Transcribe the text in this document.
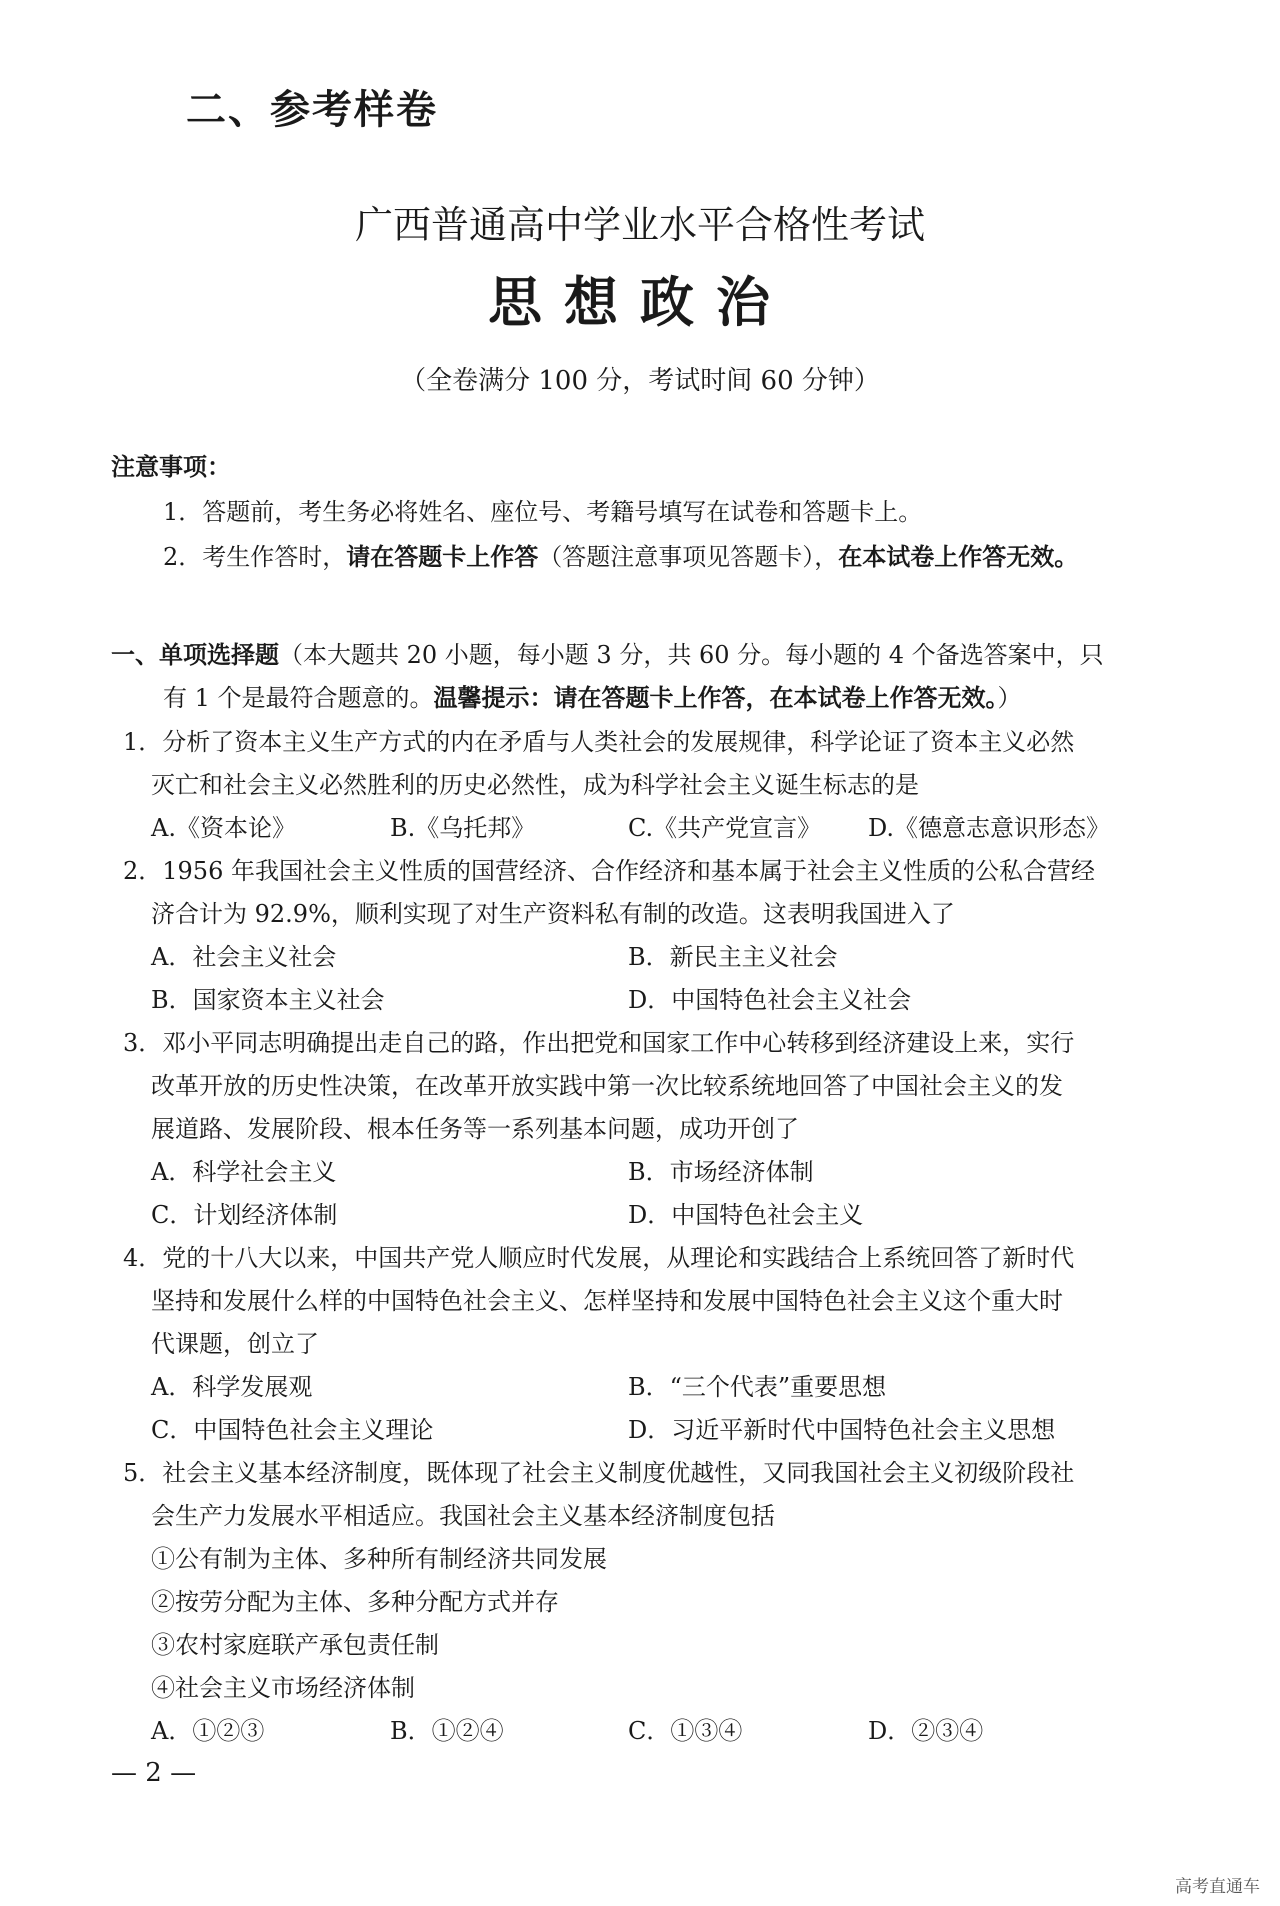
二、参考样卷
广西普通高中学业水平合格性考试
思想政治
（全卷满分 100 分，考试时间 60 分钟）
注意事项：
1．答题前，考生务必将姓名、座位号、考籍号填写在试卷和答题卡上。
2．考生作答时，请在答题卡上作答（答题注意事项见答题卡），在本试卷上作答无效。
一、单项选择题（本大题共 20 小题，每小题 3 分，共 60 分。每小题的 4 个备选答案中，只
有 1 个是最符合题意的。温馨提示：请在答题卡上作答，在本试卷上作答无效。）
1．分析了资本主义生产方式的内在矛盾与人类社会的发展规律，科学论证了资本主义必然
灭亡和社会主义必然胜利的历史必然性，成为科学社会主义诞生标志的是
A.《资本论》	B.《乌托邦》	C.《共产党宣言》 D.《德意志意识形态》
2．1956 年我国社会主义性质的国营经济、合作经济和基本属于社会主义性质的公私合营经
济合计为 92.9%，顺利实现了对生产资料私有制的改造。这表明我国进入了
A．社会主义社会	B．新民主主义社会
B．国家资本主义社会	D．中国特色社会主义社会
3．邓小平同志明确提出走自己的路，作出把党和国家工作中心转移到经济建设上来，实行
改革开放的历史性决策，在改革开放实践中第一次比较系统地回答了中国社会主义的发
展道路、发展阶段、根本任务等一系列基本问题，成功开创了
A．科学社会主义	B．市场经济体制
C．计划经济体制	D．中国特色社会主义
4．党的十八大以来，中国共产党人顺应时代发展，从理论和实践结合上系统回答了新时代
坚持和发展什么样的中国特色社会主义、怎样坚持和发展中国特色社会主义这个重大时
代课题，创立了
A．科学发展观	B．“三个代表”重要思想
C．中国特色社会主义理论	D．习近平新时代中国特色社会主义思想
5．社会主义基本经济制度，既体现了社会主义制度优越性，又同我国社会主义初级阶段社
会生产力发展水平相适应。我国社会主义基本经济制度包括
①公有制为主体、多种所有制经济共同发展
②按劳分配为主体、多种分配方式并存
③农村家庭联产承包责任制
④社会主义市场经济体制
A．①②③	B．①②④	C．①③④	D．②③④
— 2 —
高考直通车
